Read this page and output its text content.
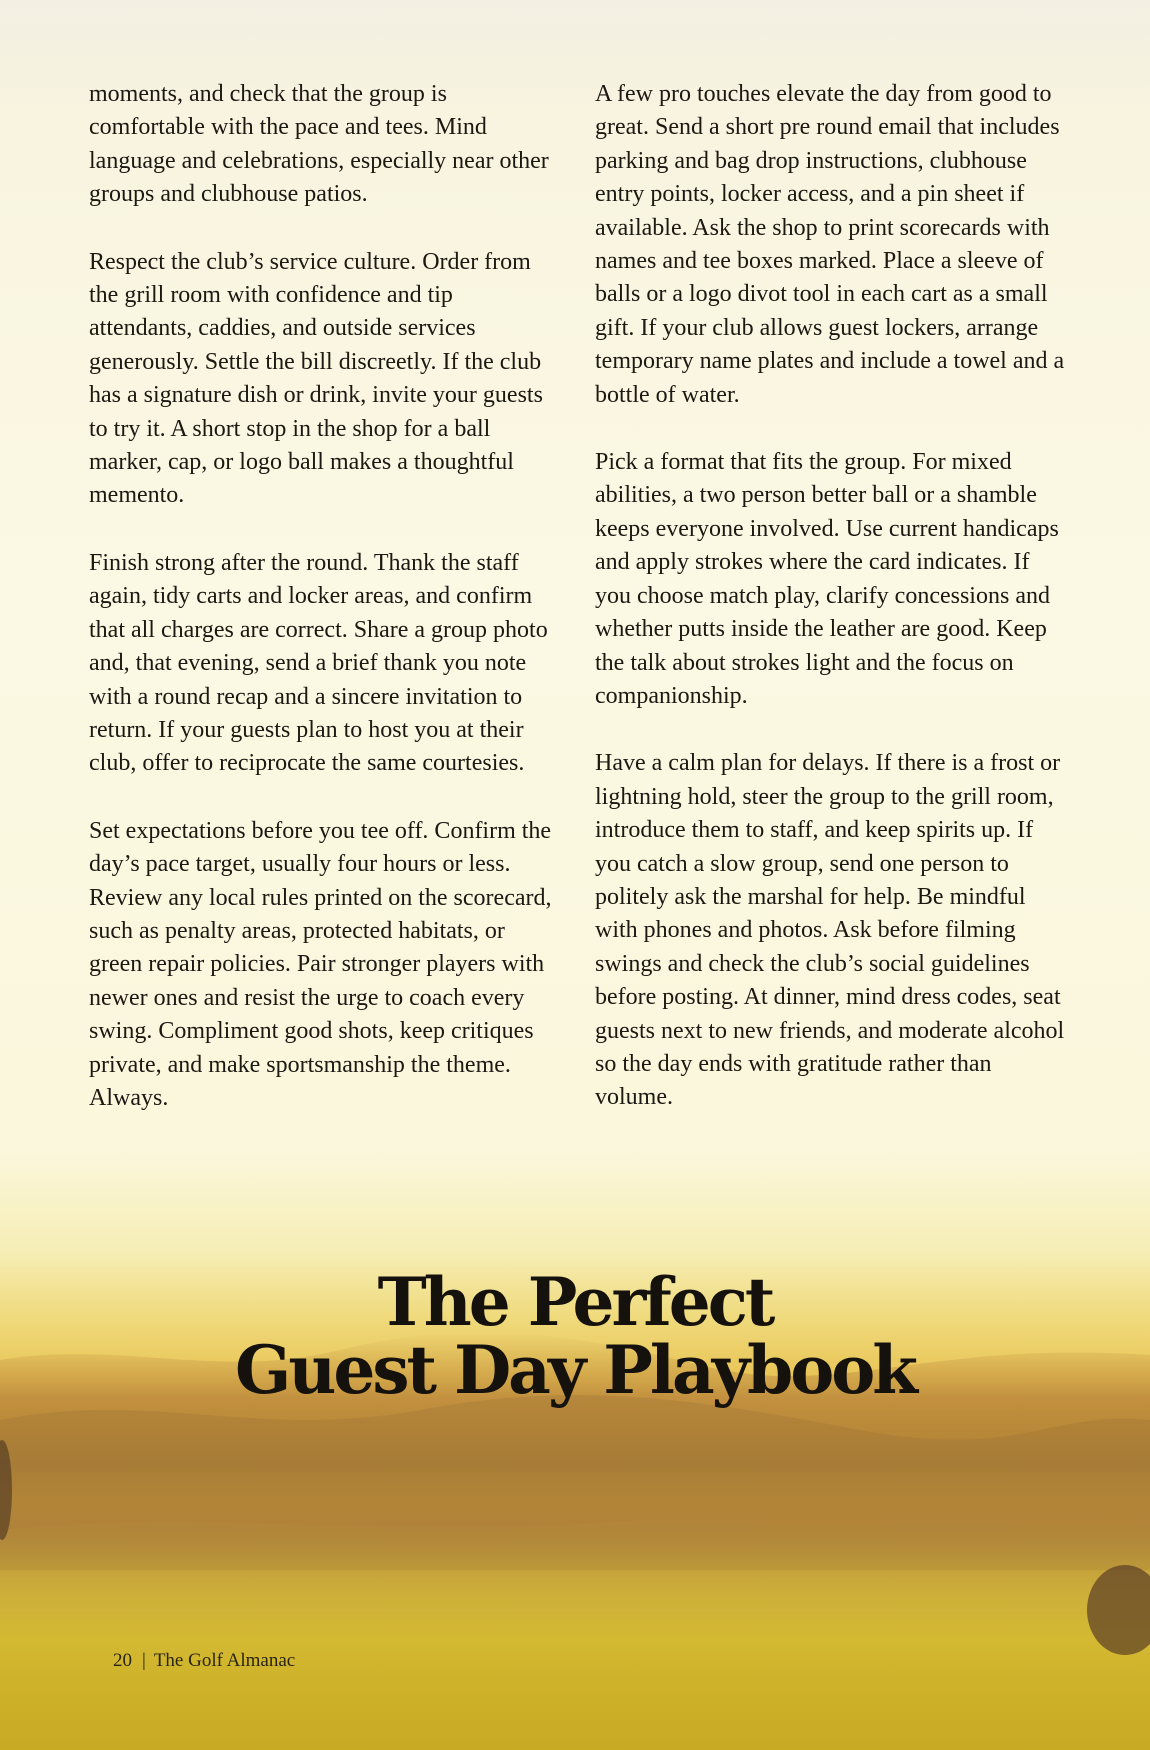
moments, and check that the group is comfortable with the pace and tees. Mind language and celebrations, especially near other groups and clubhouse patios.

Respect the club’s service culture. Order from the grill room with confidence and tip attendants, caddies, and outside services generously. Settle the bill discreetly. If the club has a signature dish or drink, invite your guests to try it. A short stop in the shop for a ball marker, cap, or logo ball makes a thoughtful memento.

Finish strong after the round. Thank the staff again, tidy carts and locker areas, and confirm that all charges are correct. Share a group photo and, that evening, send a brief thank you note with a round recap and a sincere invitation to return. If your guests plan to host you at their club, offer to reciprocate the same courtesies.

Set expectations before you tee off. Confirm the day’s pace target, usually four hours or less. Review any local rules printed on the scorecard, such as penalty areas, protected habitats, or green repair policies. Pair stronger players with newer ones and resist the urge to coach every swing. Compliment good shots, keep critiques private, and make sportsmanship the theme. Always.

A few pro touches elevate the day from good to great. Send a short pre round email that includes parking and bag drop instructions, clubhouse entry points, locker access, and a pin sheet if available. Ask the shop to print scorecards with names and tee boxes marked. Place a sleeve of balls or a logo divot tool in each cart as a small gift. If your club allows guest lockers, arrange temporary name plates and include a towel and a bottle of water.

Pick a format that fits the group. For mixed abilities, a two person better ball or a shamble keeps everyone involved. Use current handicaps and apply strokes where the card indicates. If you choose match play, clarify concessions and whether putts inside the leather are good. Keep the talk about strokes light and the focus on companionship.

Have a calm plan for delays. If there is a frost or lightning hold, steer the group to the grill room, introduce them to staff, and keep spirits up. If you catch a slow group, send one person to politely ask the marshal for help. Be mindful with phones and photos. Ask before filming swings and check the club’s social guidelines before posting. At dinner, mind dress codes, seat guests next to new friends, and moderate alcohol so the day ends with gratitude rather than volume.

The Perfect
Guest Day Playbook
20 | The Golf Almanac
